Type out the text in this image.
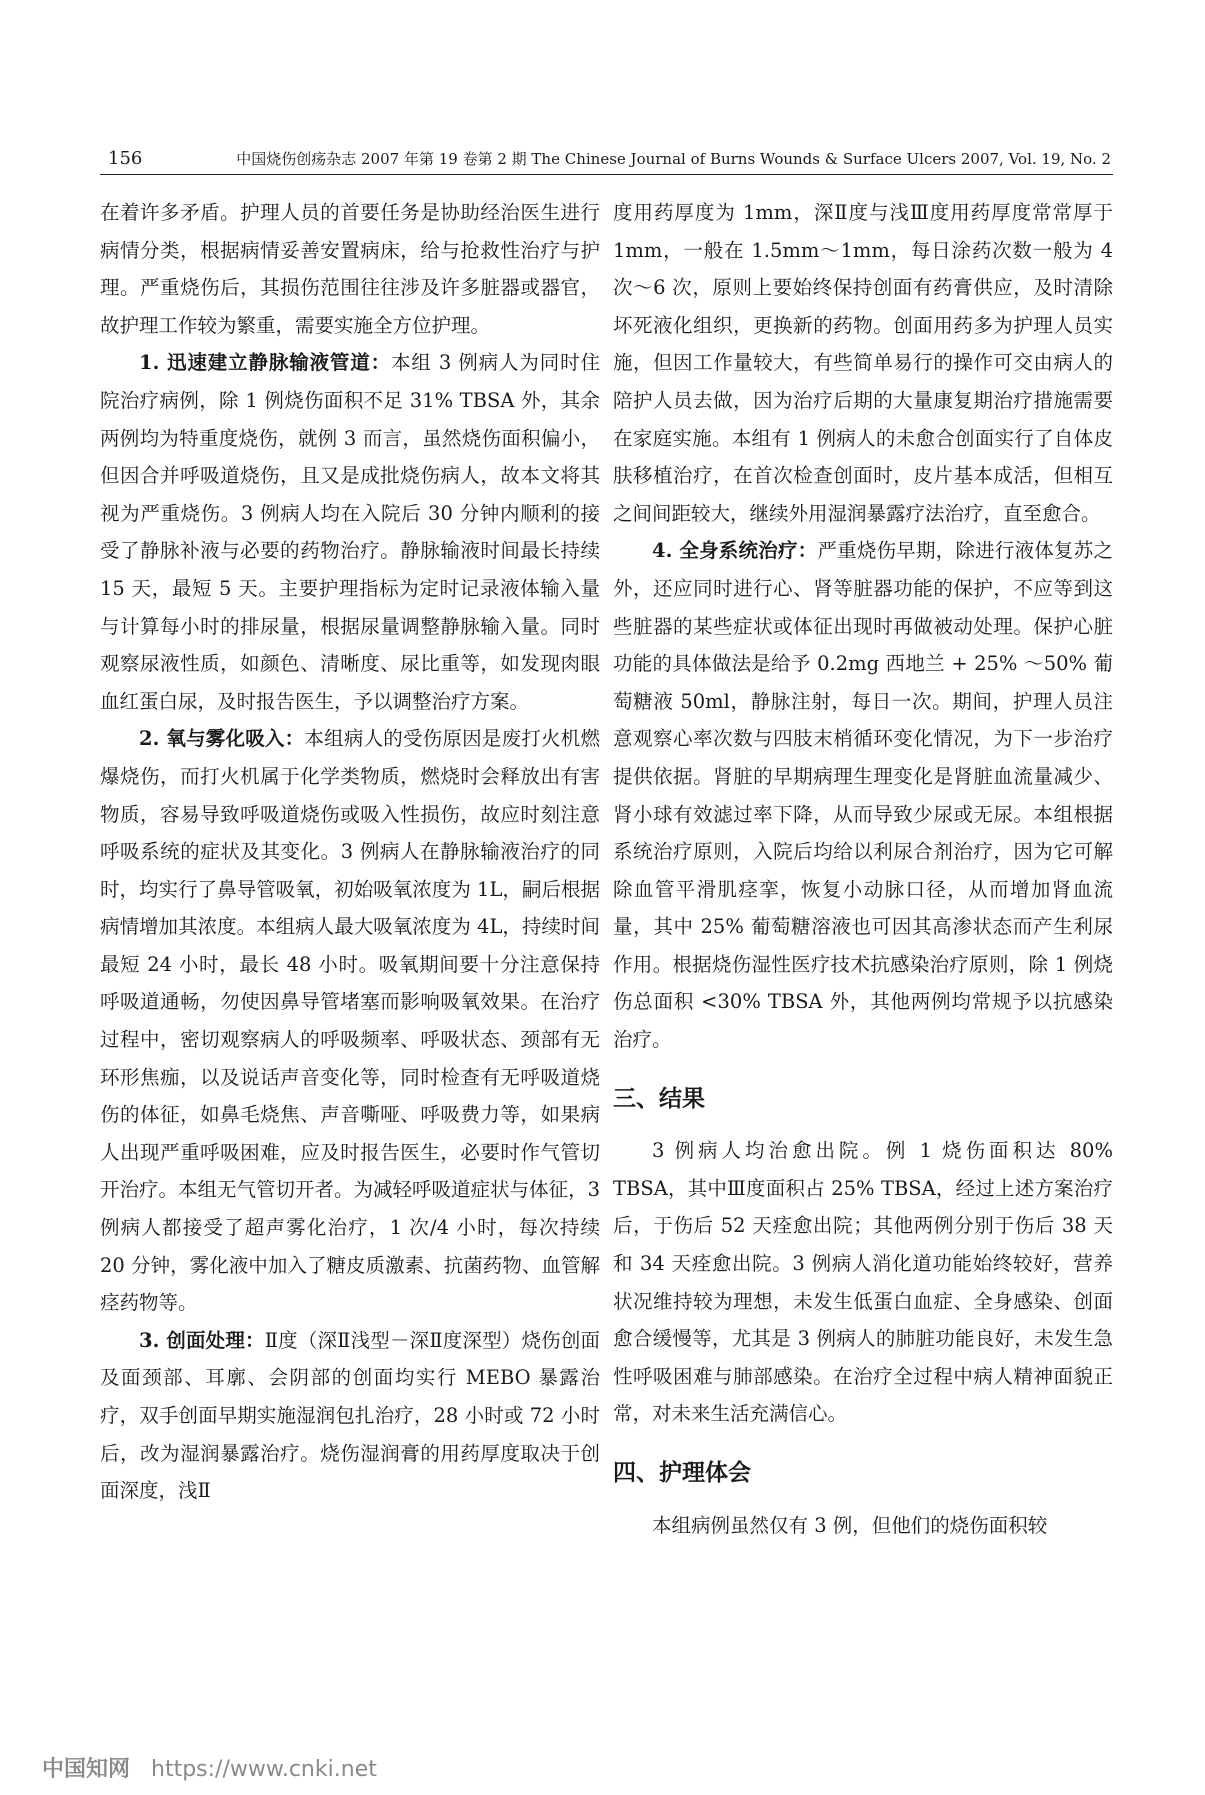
156	中国烧伤创疡杂志 2007 年第 19 卷第 2 期 The Chinese Journal of Burns Wounds & Surface Ulcers 2007, Vol. 19, No. 2

在着许多矛盾。护理人员的首要任务是协助经治医生进行病情分类，根据病情妥善安置病床，给与抢救性治疗与护理。严重烧伤后，其损伤范围往往涉及许多脏器或器官，故护理工作较为繁重，需要实施全方位护理。

1. 迅速建立静脉输液管道：本组 3 例病人为同时住院治疗病例，除 1 例烧伤面积不足 31% TBSA 外，其余两例均为特重度烧伤，就例 3 而言，虽然烧伤面积偏小，但因合并呼吸道烧伤，且又是成批烧伤病人，故本文将其视为严重烧伤。3 例病人均在入院后 30 分钟内顺利的接受了静脉补液与必要的药物治疗。静脉输液时间最长持续 15 天，最短 5 天。主要护理指标为定时记录液体输入量与计算每小时的排尿量，根据尿量调整静脉输入量。同时观察尿液性质，如颜色、清晰度、尿比重等，如发现肉眼血红蛋白尿，及时报告医生，予以调整治疗方案。

2. 氧与雾化吸入：本组病人的受伤原因是废打火机燃爆烧伤，而打火机属于化学类物质，燃烧时会释放出有害物质，容易导致呼吸道烧伤或吸入性损伤，故应时刻注意呼吸系统的症状及其变化。3 例病人在静脉输液治疗的同时，均实行了鼻导管吸氧，初始吸氧浓度为 1L，嗣后根据病情增加其浓度。本组病人最大吸氧浓度为 4L，持续时间最短 24 小时，最长 48 小时。吸氧期间要十分注意保持呼吸道通畅，勿使因鼻导管堵塞而影响吸氧效果。在治疗过程中，密切观察病人的呼吸频率、呼吸状态、颈部有无环形焦痂，以及说话声音变化等，同时检查有无呼吸道烧伤的体征，如鼻毛烧焦、声音嘶哑、呼吸费力等，如果病人出现严重呼吸困难，应及时报告医生，必要时作气管切开治疗。本组无气管切开者。为减轻呼吸道症状与体征，3 例病人都接受了超声雾化治疗，1 次/4 小时，每次持续 20 分钟，雾化液中加入了糖皮质激素、抗菌药物、血管解痉药物等。

3. 创面处理：Ⅱ度（深Ⅱ浅型－深Ⅱ度深型）烧伤创面及面颈部、耳廓、会阴部的创面均实行 MEBO 暴露治疗，双手创面早期实施湿润包扎治疗，28 小时或 72 小时后，改为湿润暴露治疗。烧伤湿润膏的用药厚度取决于创面深度，浅Ⅱ

度用药厚度为 1mm，深Ⅱ度与浅Ⅲ度用药厚度常常厚于 1mm，一般在 1.5mm～1mm，每日涂药次数一般为 4 次～6 次，原则上要始终保持创面有药膏供应，及时清除坏死液化组织，更换新的药物。创面用药多为护理人员实施，但因工作量较大，有些简单易行的操作可交由病人的陪护人员去做，因为治疗后期的大量康复期治疗措施需要在家庭实施。本组有 1 例病人的未愈合创面实行了自体皮肤移植治疗，在首次检查创面时，皮片基本成活，但相互之间间距较大，继续外用湿润暴露疗法治疗，直至愈合。

4. 全身系统治疗：严重烧伤早期，除进行液体复苏之外，还应同时进行心、肾等脏器功能的保护，不应等到这些脏器的某些症状或体征出现时再做被动处理。保护心脏功能的具体做法是给予 0.2mg 西地兰 + 25% ～50% 葡萄糖液 50ml，静脉注射，每日一次。期间，护理人员注意观察心率次数与四肢末梢循环变化情况，为下一步治疗提供依据。肾脏的早期病理生理变化是肾脏血流量减少、肾小球有效滤过率下降，从而导致少尿或无尿。本组根据系统治疗原则，入院后均给以利尿合剂治疗，因为它可解除血管平滑肌痉挛，恢复小动脉口径，从而增加肾血流量，其中 25% 葡萄糖溶液也可因其高渗状态而产生利尿作用。根据烧伤湿性医疗技术抗感染治疗原则，除 1 例烧伤总面积 <30% TBSA 外，其他两例均常规予以抗感染治疗。

三、结果

3 例病人均治愈出院。例 1 烧伤面积达 80% TBSA，其中Ⅲ度面积占 25% TBSA，经过上述方案治疗后，于伤后 52 天痊愈出院；其他两例分别于伤后 38 天和 34 天痊愈出院。3 例病人消化道功能始终较好，营养状况维持较为理想，未发生低蛋白血症、全身感染、创面愈合缓慢等，尤其是 3 例病人的肺脏功能良好，未发生急性呼吸困难与肺部感染。在治疗全过程中病人精神面貌正常，对未来生活充满信心。

四、护理体会

本组病例虽然仅有 3 例，但他们的烧伤面积较

中国知网 https://www.cnki.net
